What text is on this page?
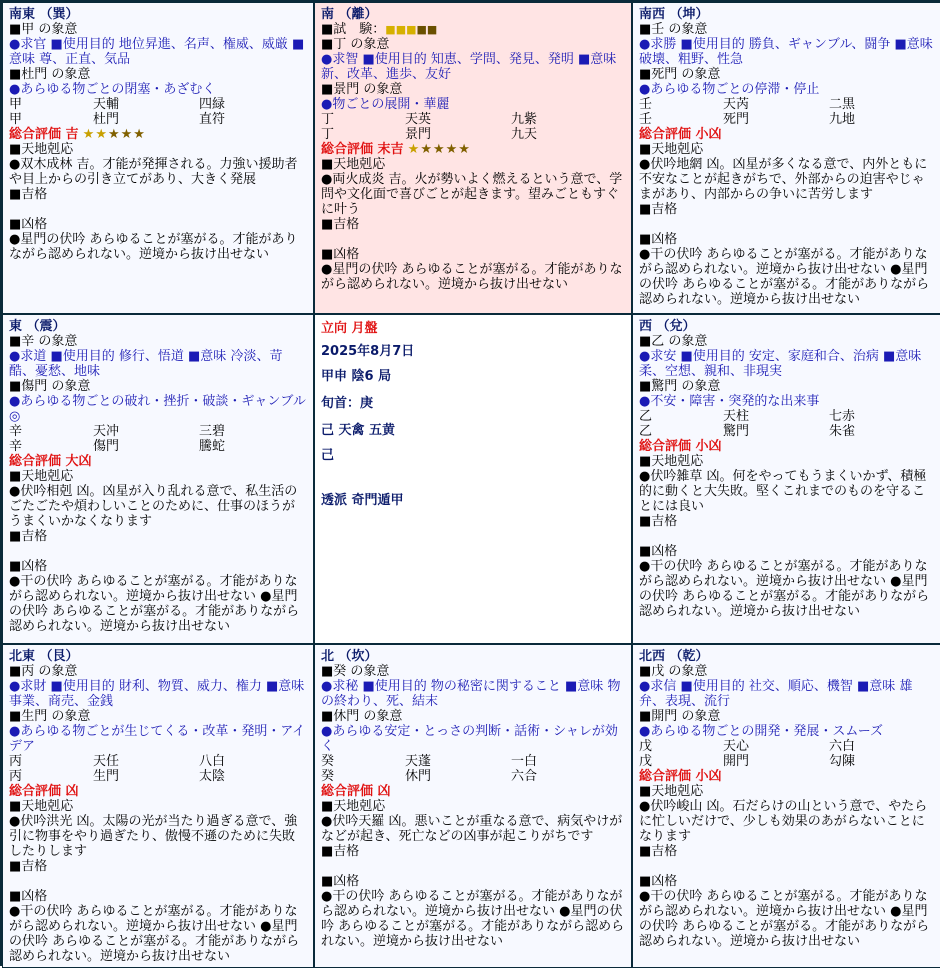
南東 （巽）
■甲 の象意
●求官 ■使用目的 地位昇進、名声、権威、威厳 ■意味 尊、正直、気品
■杜門 の象意
●あらゆる物ごとの閉塞・あざむく
甲	天輔	四緑
甲	杜門	直符
総合評価 吉 ★★★★★
■天地剋応
●双木成林 吉。才能が発揮される。力強い援助者や目上からの引き立てがあり、大きく発展
■吉格
■凶格
●星門の伏吟 あらゆることが塞がる。才能がありながら認められない。逆境から抜け出せない
南 （離）
■試　験：■■■■■
■丁 の象意
●求智 ■使用目的 知恵、学問、発見、発明 ■意味 新、改革、進歩、友好
■景門 の象意
●物ごとの展開・華麗
丁	天英	九紫
丁	景門	九天
総合評価 末吉 ★★★★★
■天地剋応
●両火成炎 吉。火が勢いよく燃えるという意で、学問や文化面で喜びごとが起きます。望みごともすぐに叶う
■吉格
■凶格
●星門の伏吟 あらゆることが塞がる。才能がありながら認められない。逆境から抜け出せない
南西 （坤）
■壬 の象意
●求勝 ■使用目的 勝負、ギャンブル、闘争 ■意味 破壊、粗野、性急
■死門 の象意
●あらゆる物ごとの停滞・停止
壬	天芮	二黒
壬	死門	九地
総合評価 小凶
■天地剋応
●伏吟地網 凶。凶星が多くなる意で、内外ともに不安なことが起きがちで、外部からの迫害やじゃまがあり、内部からの争いに苦労します
■吉格
■凶格
●干の伏吟 あらゆることが塞がる。才能がありながら認められない。逆境から抜け出せない ●星門の伏吟 あらゆることが塞がる。才能がありながら認められない。逆境から抜け出せない
東 （震）
■辛 の象意
●求道 ■使用目的 修行、悟道 ■意味 冷淡、苛酷、憂愁、地味
■傷門 の象意
●あらゆる物ごとの破れ・挫折・破談・ギャンブル◎
辛	天冲	三碧
辛	傷門	騰蛇
総合評価 大凶
■天地剋応
●伏吟相剋 凶。凶星が入り乱れる意で、私生活のごたごたや煩わしいことのために、仕事のほうがうまくいかなくなります
■吉格
■凶格
●干の伏吟 あらゆることが塞がる。才能がありながら認められない。逆境から抜け出せない ●星門の伏吟 あらゆることが塞がる。才能がありながら認められない。逆境から抜け出せない
立向 月盤
2025年8月7日
甲申 陰6 局
旬首：庚
己 天禽 五黄
己
透派 奇門遁甲
西 （兌）
■乙 の象意
●求安 ■使用目的 安定、家庭和合、治病 ■意味 柔、空想、親和、非現実
■驚門 の象意
●不安・障害・突発的な出来事
乙	天柱	七赤
乙	驚門	朱雀
総合評価 小凶
■天地剋応
●伏吟雑草 凶。何をやってもうまくいかず、積極的に動くと大失敗。堅くこれまでのものを守ることには良い
■吉格
■凶格
●干の伏吟 あらゆることが塞がる。才能がありながら認められない。逆境から抜け出せない ●星門の伏吟 あらゆることが塞がる。才能がありながら認められない。逆境から抜け出せない
北東 （艮）
■丙 の象意
●求財 ■使用目的 財利、物質、威力、権力 ■意味 事業、商売、金銭
■生門 の象意
●あらゆる物ごとが生じてくる・改革・発明・アイデア
丙	天任	八白
丙	生門	太陰
総合評価 凶
■天地剋応
●伏吟洪光 凶。太陽の光が当たり過ぎる意で、強引に物事をやり過ぎたり、傲慢不遜のために失敗したりします
■吉格
■凶格
●干の伏吟 あらゆることが塞がる。才能がありながら認められない。逆境から抜け出せない ●星門の伏吟 あらゆることが塞がる。才能がありながら認められない。逆境から抜け出せない
北 （坎）
■癸 の象意
●求秘 ■使用目的 物の秘密に関すること ■意味 物の終わり、死、結末
■休門 の象意
●あらゆる安定・とっさの判断・話術・シャレが効く
癸	天蓬	一白
癸	休門	六合
総合評価 凶
■天地剋応
●伏吟天羅 凶。悪いことが重なる意で、病気やけがなどが起き、死亡などの凶事が起こりがちです
■吉格
■凶格
●干の伏吟 あらゆることが塞がる。才能がありながら認められない。逆境から抜け出せない ●星門の伏吟 あらゆることが塞がる。才能がありながら認められない。逆境から抜け出せない
北西 （乾）
■戊 の象意
●求信 ■使用目的 社交、順応、機智 ■意味 雄弁、表現、流行
■開門 の象意
●あらゆる物ごとの開発・発展・スムーズ
戊	天心	六白
戊	開門	勾陳
総合評価 小凶
■天地剋応
●伏吟峻山 凶。石だらけの山という意で、やたらに忙しいだけで、少しも効果のあがらないことになります
■吉格
■凶格
●干の伏吟 あらゆることが塞がる。才能がありながら認められない。逆境から抜け出せない ●星門の伏吟 あらゆることが塞がる。才能がありながら認められない。逆境から抜け出せない
